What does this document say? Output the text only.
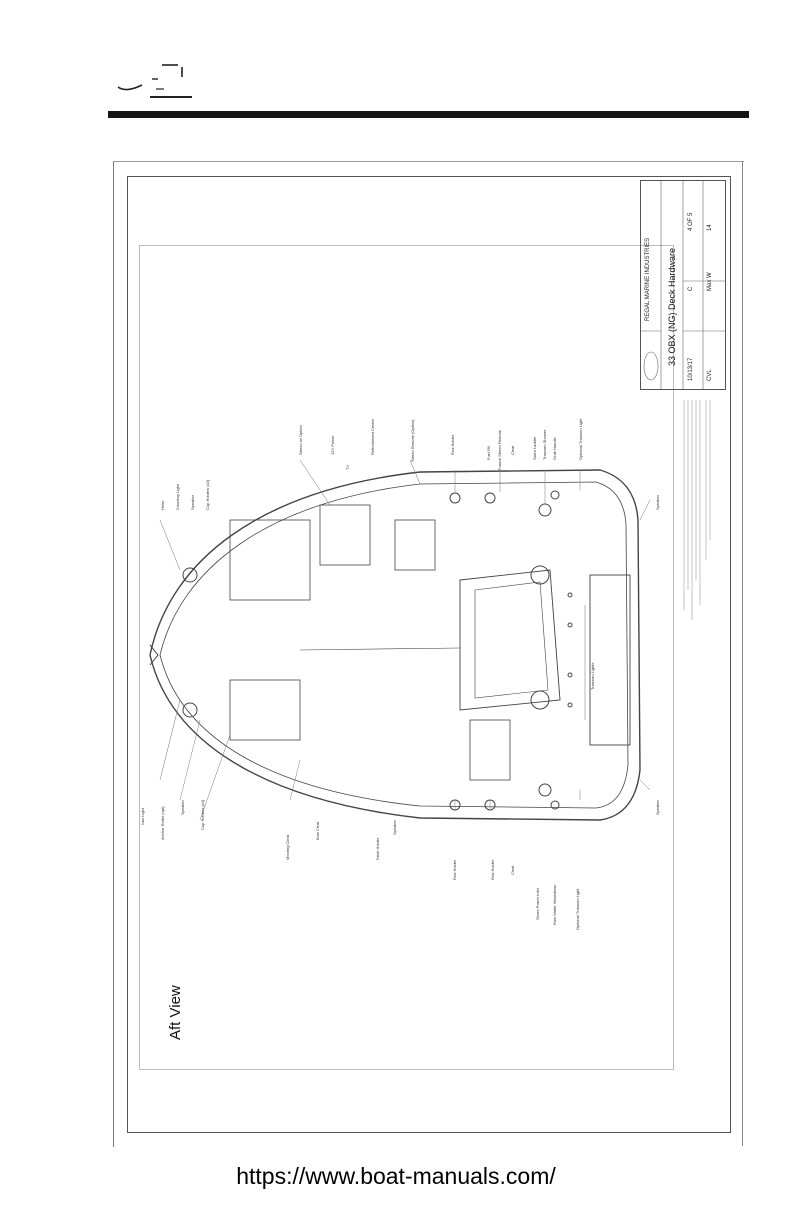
REGAL MARINE INDUSTRIES 33 OBX (NG) Deck Hardware
10/13/17
C
4 OF 5
CVL
Max W
14
Nav Light	Anchor Roller (opt)	Speaker	Cup Holders (x4)
Mooring Cleat
Bow Cleat
Drink Holder
Speaker
Rod Holder	Rod Holder	Cleat
Shore Power Inlet	Raw Water Washdown	Optional Transom Light
Speaker
Helm	Courtesy Light	Speaker	Cup Holders (x3)
Stereo w/ Option	12V Power
TV
Refreshment Center	Stereo Remote (Option)	Rod Holder	Fuel Fill Fusion Stereo Remote Cleat	Swim Ladder Transom Shower Grab Handle	Optional Transom Light
Speaker
Transom Lights
Aft View
https://www.boat-manuals.com/
